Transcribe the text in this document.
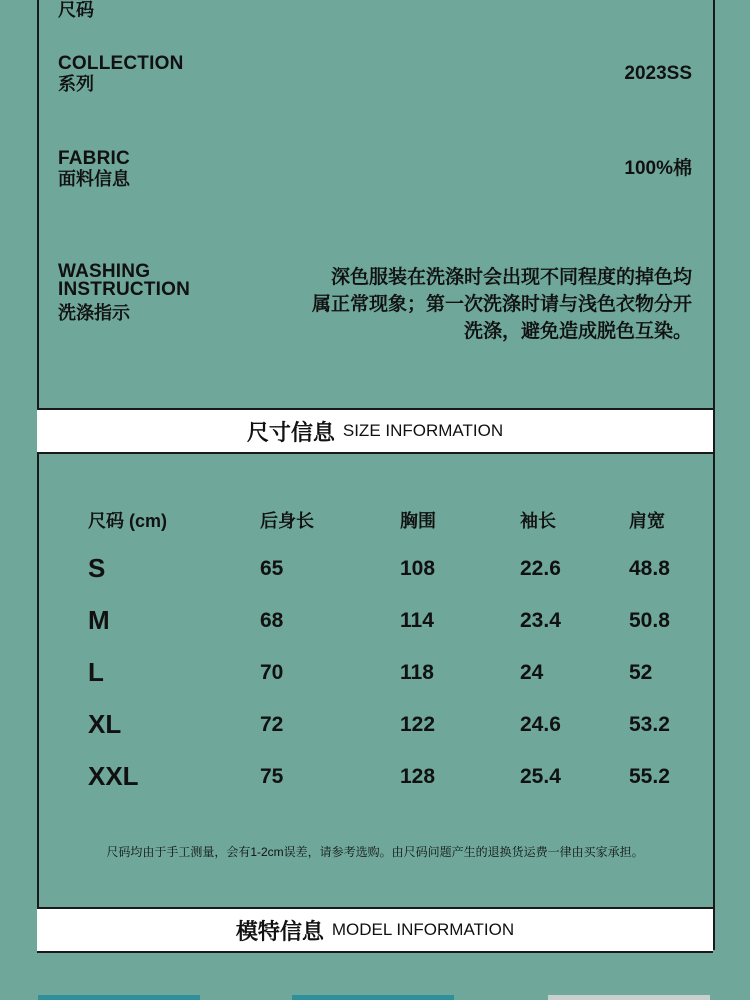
尺码
COLLECTION
系列	2023SS
FABRIC
面料信息	100%棉
WASHING
INSTRUCTION
洗涤指示
深色服装在洗涤时会出现不同程度的掉色均
属正常现象；第一次洗涤时请与浅色衣物分开
洗涤，避免造成脱色互染。
尺寸信息 SIZE INFORMATION
尺码 (cm)	后身长	胸围	袖长	肩宽
S	65	108	22.6	48.8
M	68	114	23.4	50.8
L	70	118	24	52
XL	72	122	24.6	53.2
XXL	75	128	25.4	55.2
尺码均由于手工测量，会有1-2cm误差，请参考选购。由尺码问题产生的退换货运费一律由买家承担。
模特信息 MODEL INFORMATION
